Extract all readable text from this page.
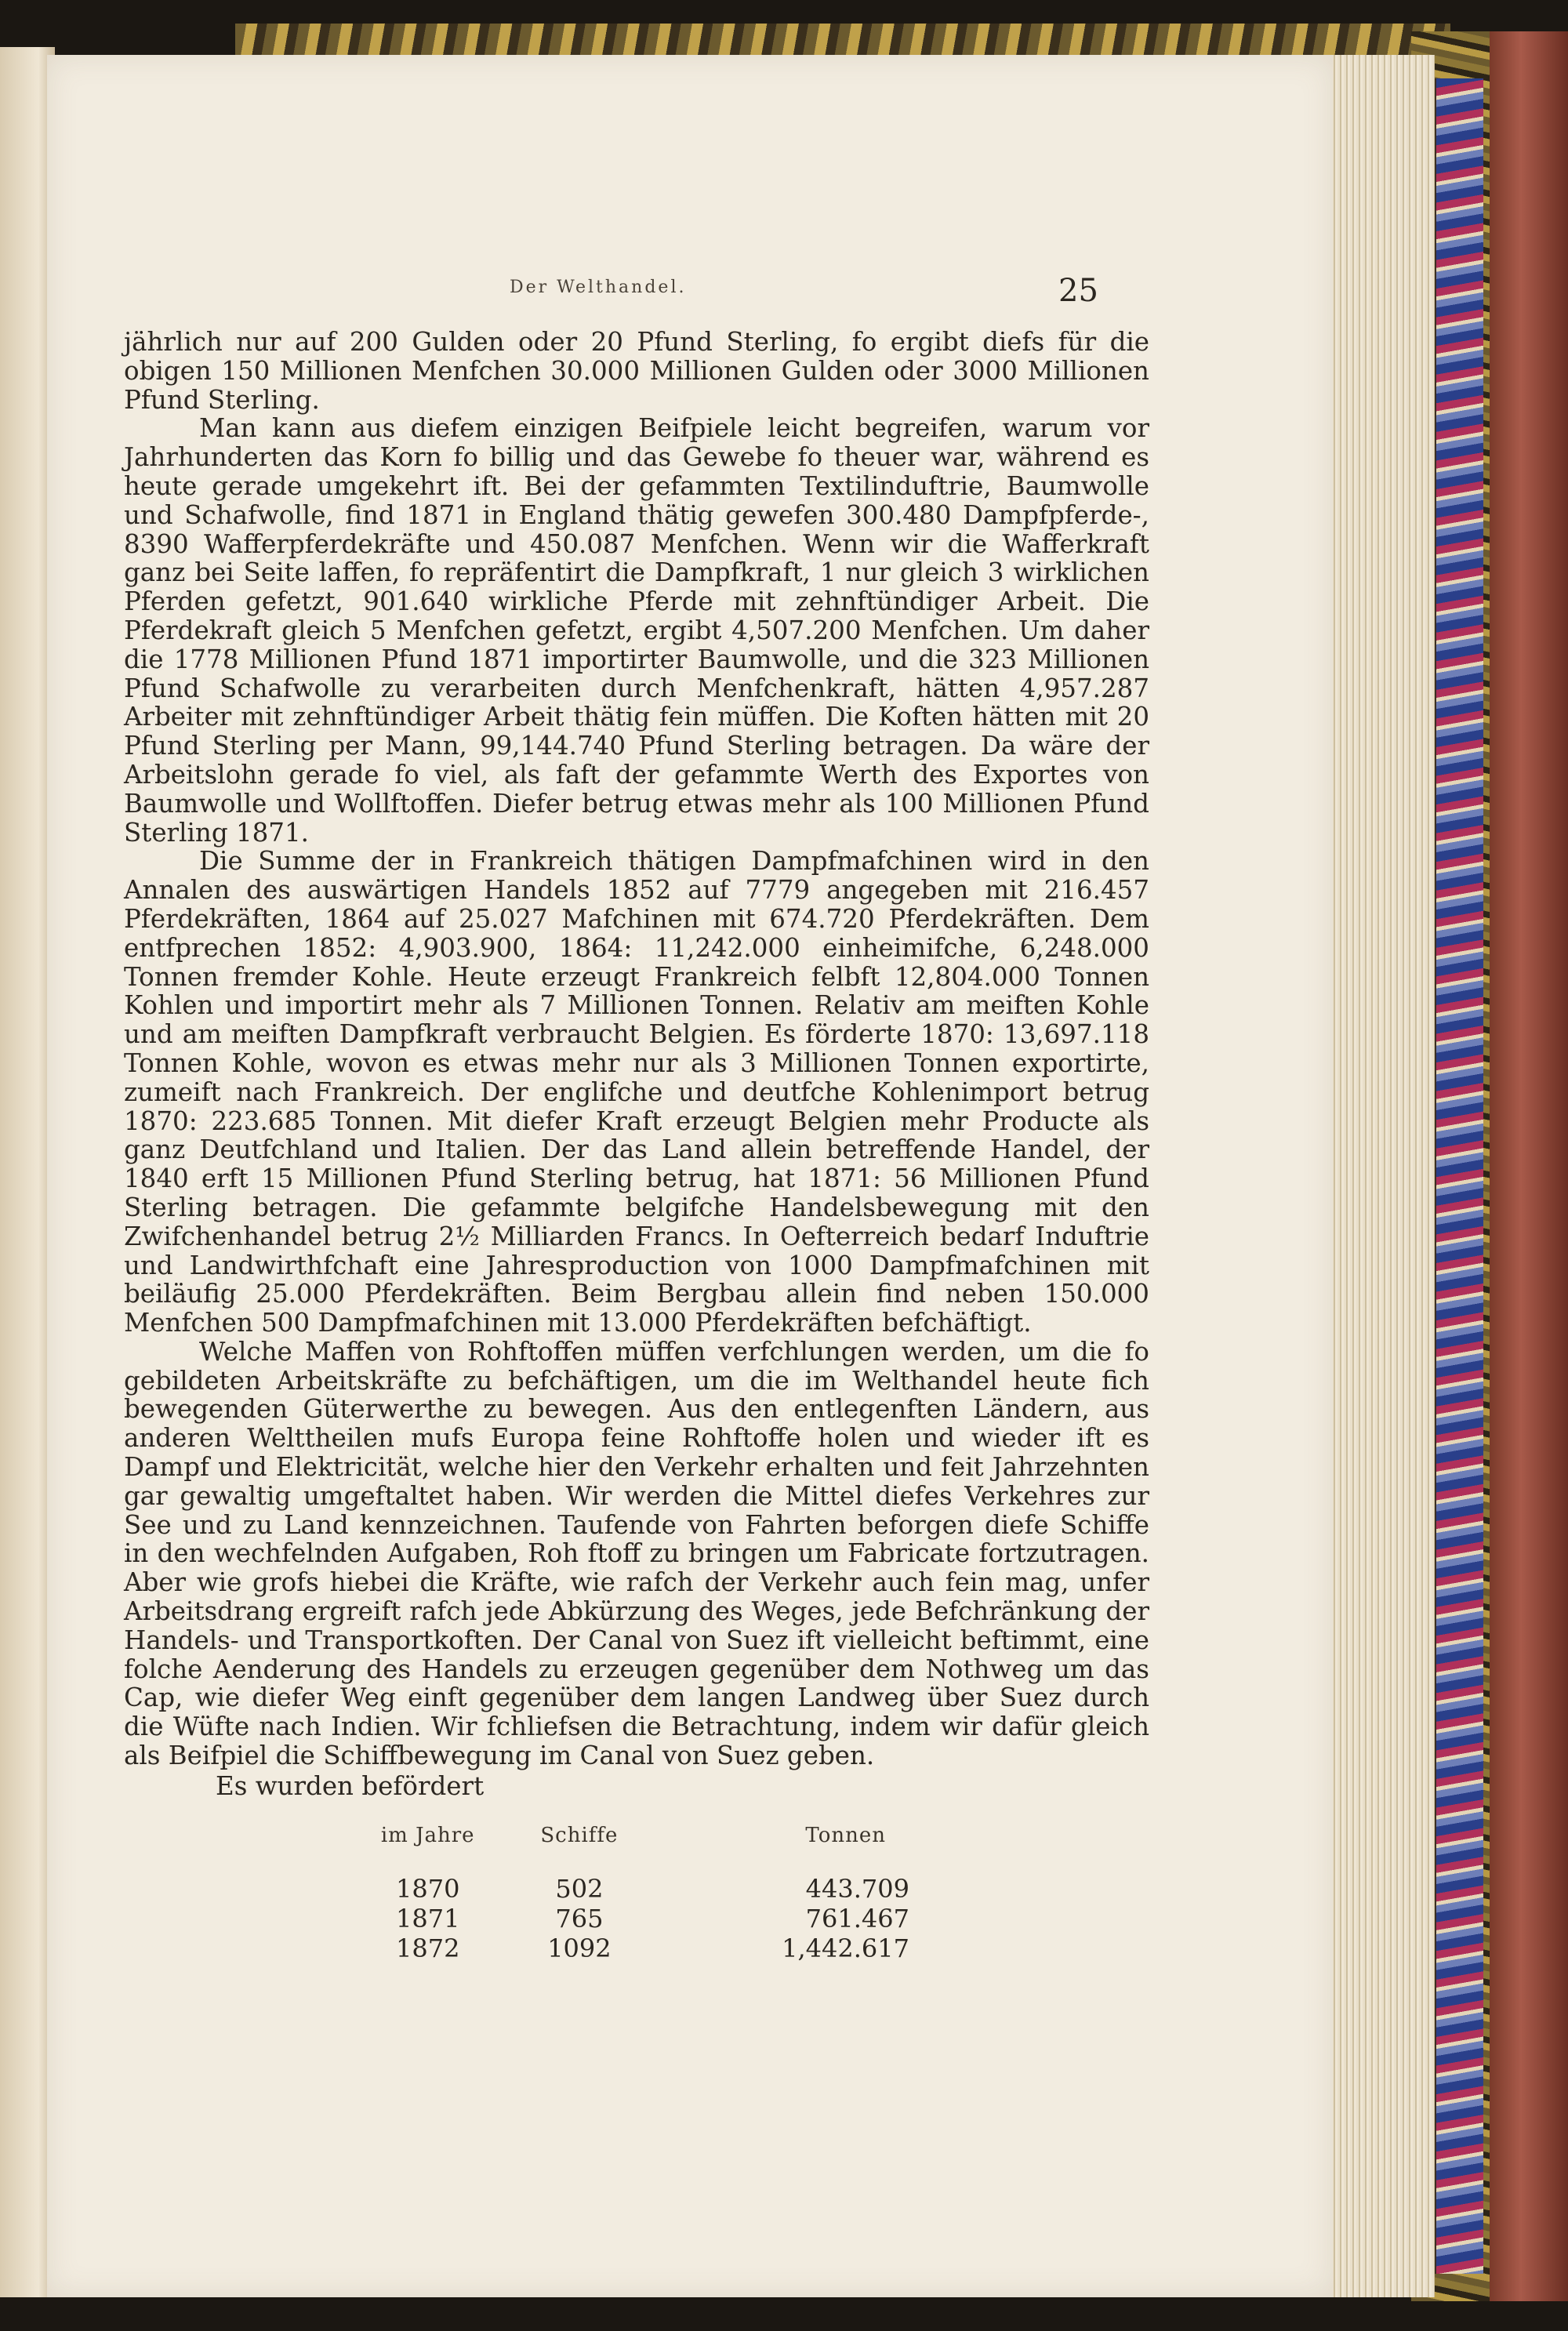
Der Welthandel.	25

jährlich nur auf 200 Gulden oder 20 Pfund Sterling, fo ergibt diefs für die obigen 150 Millionen Menfchen 30.000 Millionen Gulden oder 3000 Millionen Pfund Sterling.

Man kann aus diefem einzigen Beifpiele leicht begreifen, warum vor Jahrhunderten das Korn fo billig und das Gewebe fo theuer war, während es heute gerade umgekehrt ift. Bei der gefammten Textilinduftrie, Baumwolle und Schafwolle, find 1871 in England thätig gewefen 300.480 Dampfpferde-, 8390 Wafferpferdekräfte und 450.087 Menfchen. Wenn wir die Wafferkraft ganz bei Seite laffen, fo repräfentirt die Dampfkraft, 1 nur gleich 3 wirklichen Pferden gefetzt, 901.640 wirkliche Pferde mit zehnftündiger Arbeit. Die Pferdekraft gleich 5 Menfchen gefetzt, ergibt 4,507.200 Menfchen. Um daher die 1778 Millionen Pfund 1871 importirter Baumwolle, und die 323 Millionen Pfund Schafwolle zu verarbeiten durch Menfchenkraft, hätten 4,957.287 Arbeiter mit zehnftündiger Arbeit thätig fein müffen. Die Koften hätten mit 20 Pfund Sterling per Mann, 99,144.740 Pfund Sterling betragen. Da wäre der Arbeitslohn gerade fo viel, als faft der gefammte Werth des Exportes von Baumwolle und Wollftoffen. Diefer betrug etwas mehr als 100 Millionen Pfund Sterling 1871.

Die Summe der in Frankreich thätigen Dampfmafchinen wird in den Annalen des auswärtigen Handels 1852 auf 7779 angegeben mit 216.457 Pferdekräften, 1864 auf 25.027 Mafchinen mit 674.720 Pferdekräften. Dem entfprechen 1852: 4,903.900, 1864: 11,242.000 einheimifche, 6,248.000 Tonnen fremder Kohle. Heute erzeugt Frankreich felbft 12,804.000 Tonnen Kohlen und importirt mehr als 7 Millionen Tonnen. Relativ am meiften Kohle und am meiften Dampfkraft verbraucht Belgien. Es förderte 1870: 13,697.118 Tonnen Kohle, wovon es etwas mehr nur als 3 Millionen Tonnen exportirte, zumeift nach Frankreich. Der englifche und deutfche Kohlenimport betrug 1870: 223.685 Tonnen. Mit diefer Kraft erzeugt Belgien mehr Producte als ganz Deutfchland und Italien. Der das Land allein betreffende Handel, der 1840 erft 15 Millionen Pfund Sterling betrug, hat 1871: 56 Millionen Pfund Sterling betragen. Die gefammte belgifche Handelsbewegung mit den Zwifchenhandel betrug 2½ Milliarden Francs. In Oefterreich bedarf Induftrie und Landwirthfchaft eine Jahresproduction von 1000 Dampfmafchinen mit beiläufig 25.000 Pferdekräften. Beim Bergbau allein find neben 150.000 Menfchen 500 Dampfmafchinen mit 13.000 Pferdekräften befchäftigt.

Welche Maffen von Rohftoffen müffen verfchlungen werden, um die fo gebildeten Arbeitskräfte zu befchäftigen, um die im Welthandel heute fich bewegenden Güterwerthe zu bewegen. Aus den entlegenften Ländern, aus anderen Welttheilen mufs Europa feine Rohftoffe holen und wieder ift es Dampf und Elektricität, welche hier den Verkehr erhalten und feit Jahrzehnten gar gewaltig umgeftaltet haben. Wir werden die Mittel diefes Verkehres zur See und zu Land kennzeichnen. Taufende von Fahrten beforgen diefe Schiffe in den wechfelnden Aufgaben, Roh ftoff zu bringen um Fabricate fortzutragen. Aber wie grofs hiebei die Kräfte, wie rafch der Verkehr auch fein mag, unfer Arbeitsdrang ergreift rafch jede Abkürzung des Weges, jede Befchränkung der Handels- und Transportkoften. Der Canal von Suez ift vielleicht beftimmt, eine folche Aenderung des Handels zu erzeugen gegenüber dem Nothweg um das Cap, wie diefer Weg einft gegenüber dem langen Landweg über Suez durch die Wüfte nach Indien. Wir fchliefsen die Betrachtung, indem wir dafür gleich als Beifpiel die Schiffbewegung im Canal von Suez geben.

Es wurden befördert
im Jahre	Schiffe	Tonnen
1870	502	443.709
1871	765	761.467
1872	1092	1,442.617
